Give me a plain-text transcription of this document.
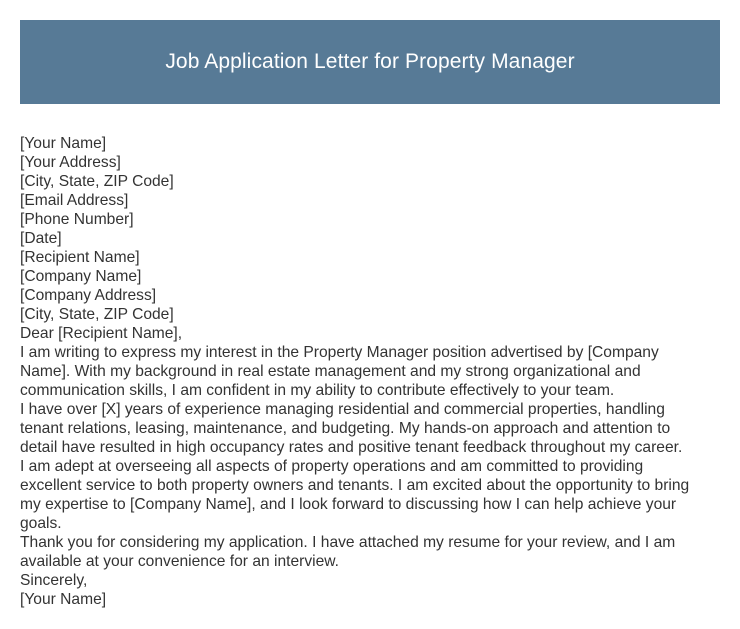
Job Application Letter for Property Manager
[Your Name]
[Your Address]
[City, State, ZIP Code]
[Email Address]
[Phone Number]
[Date]
[Recipient Name]
[Company Name]
[Company Address]
[City, State, ZIP Code]
Dear [Recipient Name],
I am writing to express my interest in the Property Manager position advertised by [Company
Name]. With my background in real estate management and my strong organizational and
communication skills, I am confident in my ability to contribute effectively to your team.
I have over [X] years of experience managing residential and commercial properties, handling
tenant relations, leasing, maintenance, and budgeting. My hands-on approach and attention to
detail have resulted in high occupancy rates and positive tenant feedback throughout my career.
I am adept at overseeing all aspects of property operations and am committed to providing
excellent service to both property owners and tenants. I am excited about the opportunity to bring
my expertise to [Company Name], and I look forward to discussing how I can help achieve your
goals.
Thank you for considering my application. I have attached my resume for your review, and I am
available at your convenience for an interview.
Sincerely,
[Your Name]
